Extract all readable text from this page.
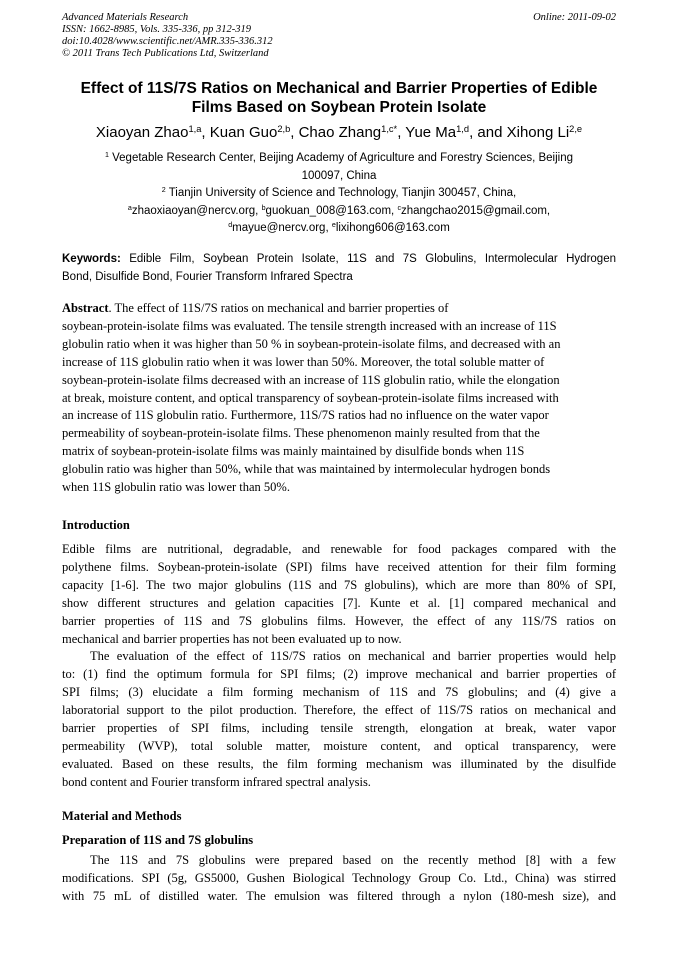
Advanced Materials Research
ISSN: 1662-8985, Vols. 335-336, pp 312-319
doi:10.4028/www.scientific.net/AMR.335-336.312
© 2011 Trans Tech Publications Ltd, Switzerland
Online: 2011-09-02
Effect of 11S/7S Ratios on Mechanical and Barrier Properties of Edible
Films Based on Soybean Protein Isolate
Xiaoyan Zhao$^{1,a}$, Kuan Guo$^{2,b}$, Chao Zhang$^{1,c*}$, Yue Ma$^{1,d}$, and Xihong Li$^{2,e}$
$^1$ Vegetable Research Center, Beijing Academy of Agriculture and Forestry Sciences, Beijing
100097, China
$^2$ Tianjin University of Science and Technology, Tianjin 300457, China,
$^a$zhaoxiaoyan@nercv.org, $^b$guokuan_008@163.com, $^c$zhangchao2015@gmail.com,
$^d$mayue@nercv.org, $^e$lixihong606@163.com
Keywords: Edible Film, Soybean Protein Isolate, 11S and 7S Globulins, Intermolecular Hydrogen
Bond, Disulfide Bond, Fourier Transform Infrared Spectra
Abstract. The effect of 11S/7S ratios on mechanical and barrier properties of
soybean-protein-isolate films was evaluated. The tensile strength increased with an increase of 11S
globulin ratio when it was higher than 50 % in soybean-protein-isolate films, and decreased with an
increase of 11S globulin ratio when it was lower than 50%. Moreover, the total soluble matter of
soybean-protein-isolate films decreased with an increase of 11S globulin ratio, while the elongation
at break, moisture content, and optical transparency of soybean-protein-isolate films increased with
an increase of 11S globulin ratio. Furthermore, 11S/7S ratios had no influence on the water vapor
permeability of soybean-protein-isolate films. These phenomenon mainly resulted from that the
matrix of soybean-protein-isolate films was mainly maintained by disulfide bonds when 11S
globulin ratio was higher than 50%, while that was maintained by intermolecular hydrogen bonds
when 11S globulin ratio was lower than 50%.
Introduction
Edible films are nutritional, degradable, and renewable for food packages compared with the
polythene films. Soybean-protein-isolate (SPI) films have received attention for their film forming
capacity [1-6]. The two major globulins (11S and 7S globulins), which are more than 80% of SPI,
show different structures and gelation capacities [7]. Kunte et al. [1] compared mechanical and
barrier properties of 11S and 7S globulins films. However, the effect of any 11S/7S ratios on
mechanical and barrier properties has not been evaluated up to now.
The evaluation of the effect of 11S/7S ratios on mechanical and barrier properties would help
to: (1) find the optimum formula for SPI films; (2) improve mechanical and barrier properties of
SPI films; (3) elucidate a film forming mechanism of 11S and 7S globulins; and (4) give a
laboratorial support to the pilot production. Therefore, the effect of 11S/7S ratios on mechanical and
barrier properties of SPI films, including tensile strength, elongation at break, water vapor
permeability (WVP), total soluble matter, moisture content, and optical transparency, were
evaluated. Based on these results, the film forming mechanism was illuminated by the disulfide
bond content and Fourier transform infrared spectral analysis.
Material and Methods
Preparation of 11S and 7S globulins
The 11S and 7S globulins were prepared based on the recently method [8] with a few
modifications. SPI (5g, GS5000, Gushen Biological Technology Group Co. Ltd., China) was stirred
with 75 mL of distilled water. The emulsion was filtered through a nylon (180-mesh size), and
